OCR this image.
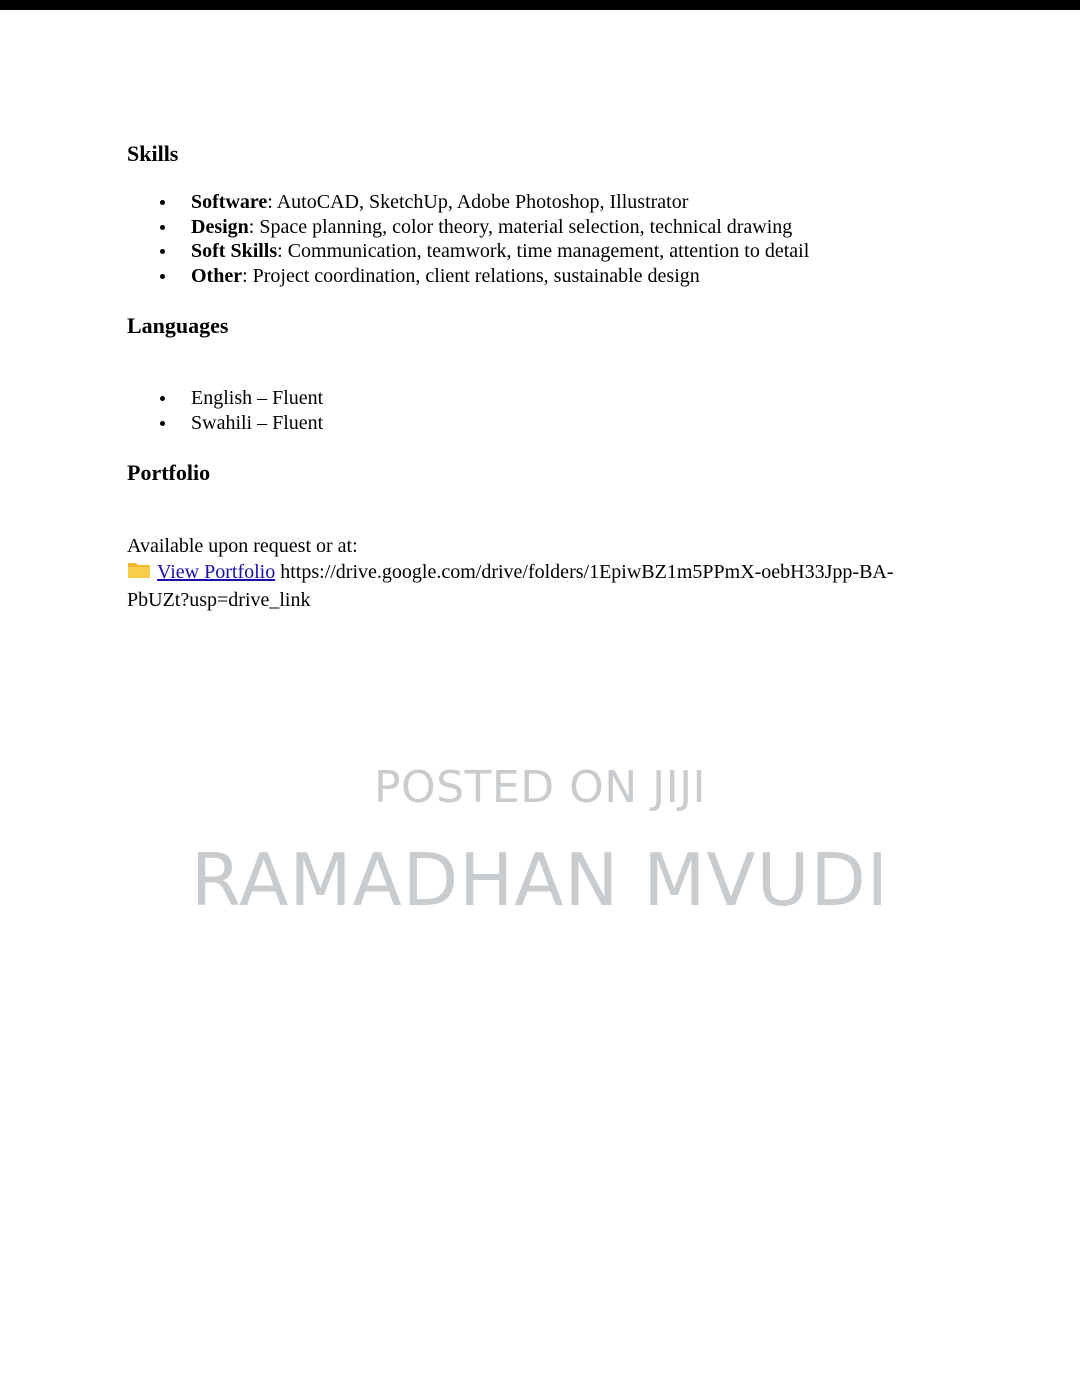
Skills
Software: AutoCAD, SketchUp, Adobe Photoshop, Illustrator
Design: Space planning, color theory, material selection, technical drawing
Soft Skills: Communication, teamwork, time management, attention to detail
Other: Project coordination, client relations, sustainable design
Languages
English – Fluent
Swahili – Fluent
Portfolio
Available upon request or at:
View Portfolio https://drive.google.com/drive/folders/1EpiwBZ1m5PPmX-oebH33Jpp-BA-
PbUZt?usp=drive_link
POSTED ON JIJI
RAMADHAN MVUDI
